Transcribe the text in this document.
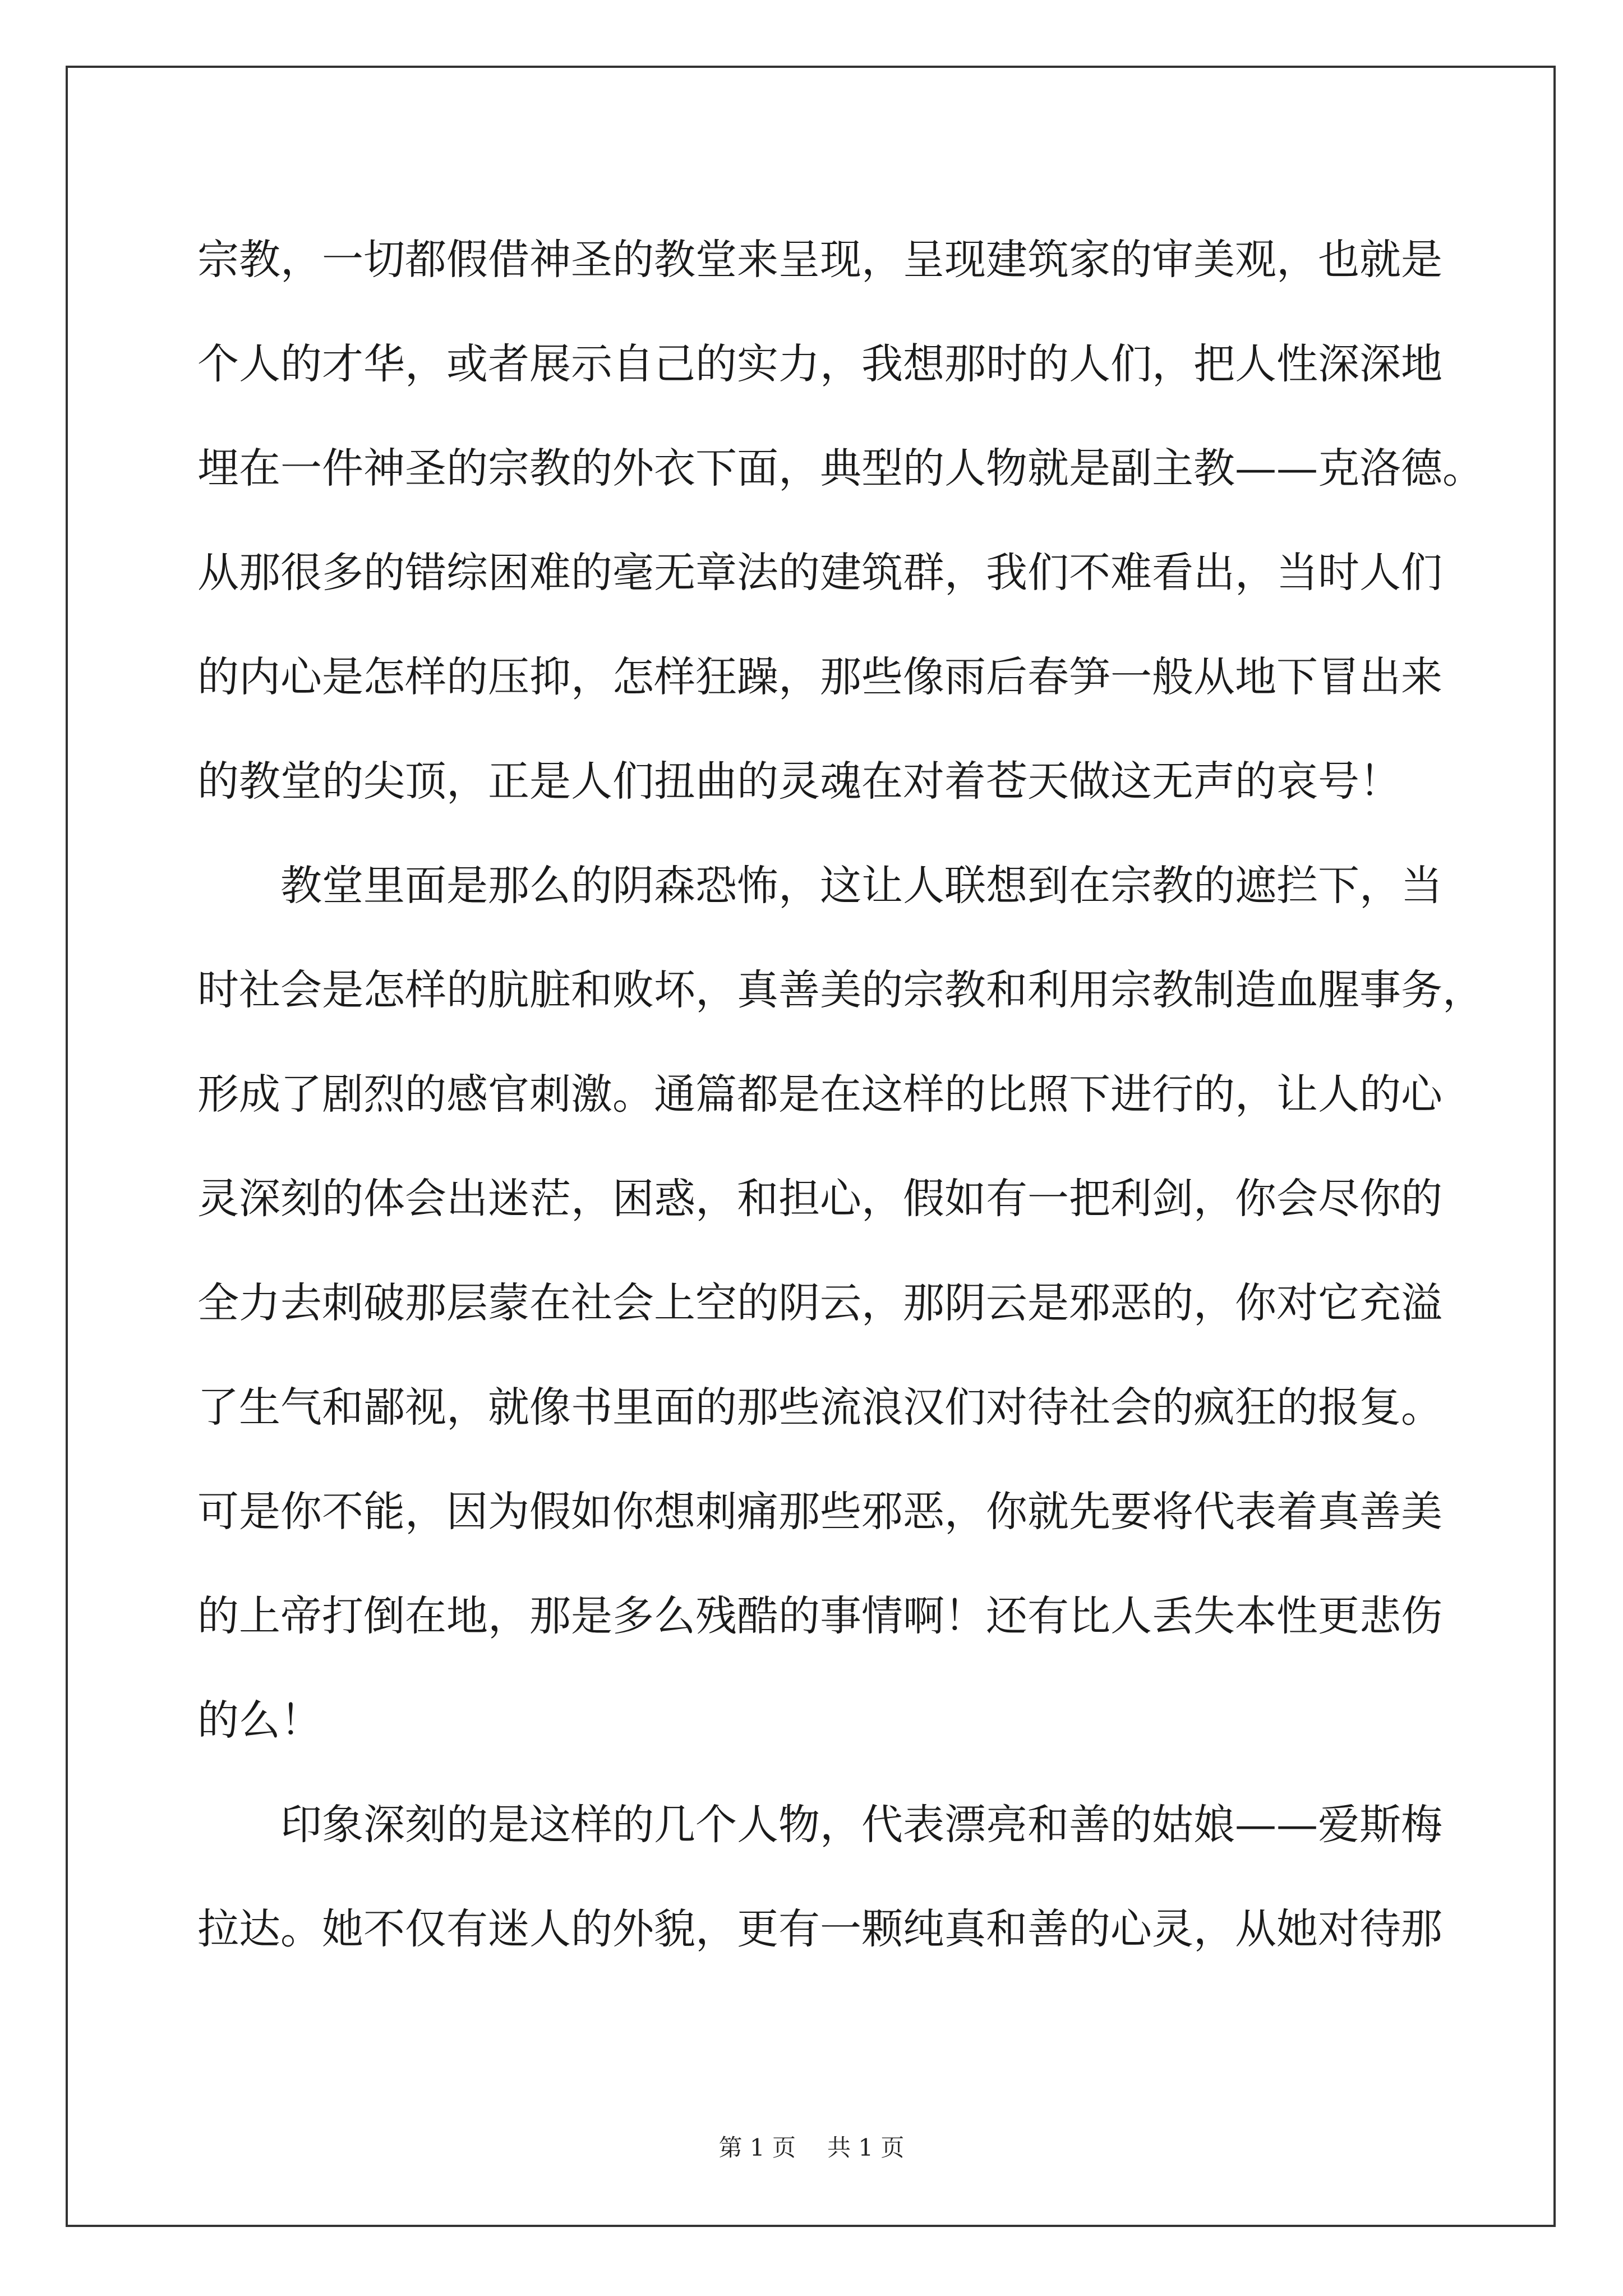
宗教，一切都假借神圣的教堂来呈现，呈现建筑家的审美观，也就是

个人的才华，或者展示自己的实力，我想那时的人们，把人性深深地

埋在一件神圣的宗教的外衣下面，典型的人物就是副主教——克洛德。

从那很多的错综困难的毫无章法的建筑群，我们不难看出，当时人们

的内心是怎样的压抑，怎样狂躁，那些像雨后春笋一般从地下冒出来

的教堂的尖顶，正是人们扭曲的灵魂在对着苍天做这无声的哀号！

教堂里面是那么的阴森恐怖，这让人联想到在宗教的遮拦下，当

时社会是怎样的肮脏和败坏，真善美的宗教和利用宗教制造血腥事务，

形成了剧烈的感官刺激。通篇都是在这样的比照下进行的，让人的心

灵深刻的体会出迷茫，困惑，和担心，假如有一把利剑，你会尽你的

全力去刺破那层蒙在社会上空的阴云，那阴云是邪恶的，你对它充溢

了生气和鄙视，就像书里面的那些流浪汉们对待社会的疯狂的报复。

可是你不能，因为假如你想刺痛那些邪恶，你就先要将代表着真善美

的上帝打倒在地，那是多么残酷的事情啊！还有比人丢失本性更悲伤

的么！

印象深刻的是这样的几个人物，代表漂亮和善的姑娘——爱斯梅

拉达。她不仅有迷人的外貌，更有一颗纯真和善的心灵，从她对待那

第 1 页 共 1 页
